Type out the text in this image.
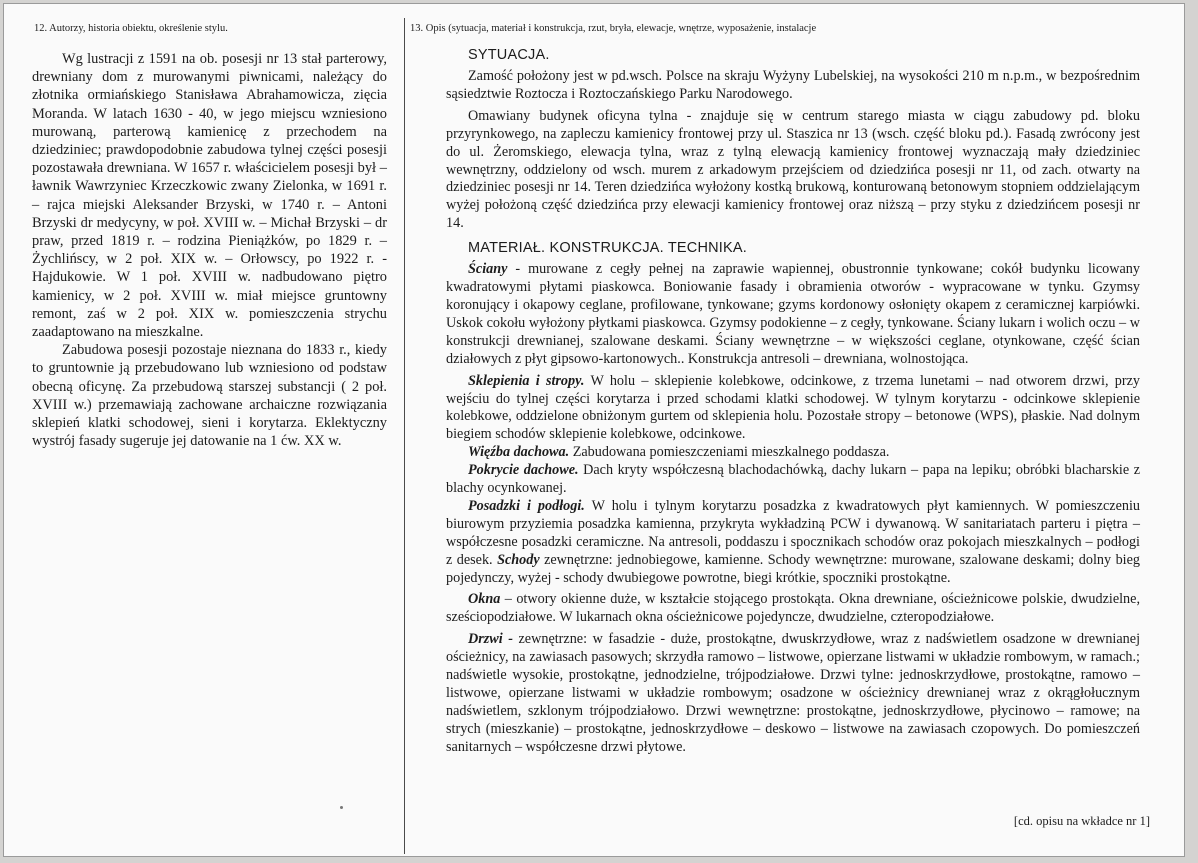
12. Autorzy, historia obiektu, określenie stylu.	13. Opis (sytuacja, materiał i konstrukcja, rzut, bryła, elewacje, wnętrze, wyposażenie, instalacje

Wg lustracji z 1591 na ob. posesji nr 13 stał parterowy, drewniany dom z murowanymi piwnicami, należący do złotnika ormiańskiego Stanisława Abrahamowicza, zięcia Moranda. W latach 1630 - 40, w jego miejscu wzniesiono murowaną, parterową kamienicę z przechodem na dziedziniec; prawdopodobnie zabudowa tylnej części posesji pozostawała drewniana. W 1657 r. właścicielem posesji był – ławnik Wawrzyniec Krzeczkowic zwany Zielonka, w 1691 r. – rajca miejski Aleksander Brzyski, w 1740 r. – Antoni Brzyski dr medycyny, w poł. XVIII w. – Michał Brzyski – dr praw, przed 1819 r. – rodzina Pieniążków, po 1829 r. – Żychlińscy, w 2 poł. XIX w. – Orłowscy, po 1922 r. - Hajdukowie. W 1 poł. XVIII w. nadbudowano piętro kamienicy, w 2 poł. XVIII w. miał miejsce gruntowny remont, zaś w 2 poł. XIX w. pomieszczenia strychu zaadaptowano na mieszkalne.

Zabudowa posesji pozostaje nieznana do 1833 r., kiedy to gruntownie ją przebudowano lub wzniesiono od podstaw obecną oficynę. Za przebudową starszej substancji ( 2 poł. XVIII w.) przemawiają zachowane archaiczne rozwiązania sklepień klatki schodowej, sieni i korytarza. Eklektyczny wystrój fasady sugeruje jej datowanie na 1 ćw. XX w.

SYTUACJA.

Zamość położony jest w pd.wsch. Polsce na skraju Wyżyny Lubelskiej, na wysokości 210 m n.p.m., w bezpośrednim sąsiedztwie Roztocza i Roztoczańskiego Parku Narodowego.

Omawiany budynek oficyna tylna - znajduje się w centrum starego miasta w ciągu zabudowy pd. bloku przyrynkowego, na zapleczu kamienicy frontowej przy ul. Staszica nr 13 (wsch. część bloku pd.). Fasadą zwrócony jest do ul. Żeromskiego, elewacja tylna, wraz z tylną elewacją kamienicy frontowej wyznaczają mały dziedziniec wewnętrzny, oddzielony od wsch. murem z arkadowym przejściem od dziedzińca posesji nr 11, od zach. otwarty na dziedziniec posesji nr 14. Teren dziedzińca wyłożony kostką brukową, konturowaną betonowym stopniem oddzielającym wyżej położoną część dziedzińca przy elewacji kamienicy frontowej oraz niższą – przy styku z dziedzińcem posesji nr 14.

MATERIAŁ. KONSTRUKCJA. TECHNIKA.

Ściany - murowane z cegły pełnej na zaprawie wapiennej, obustronnie tynkowane; cokół budynku licowany kwadratowymi płytami piaskowca. Boniowanie fasady i obramienia otworów - wypracowane w tynku. Gzymsy koronujący i okapowy ceglane, profilowane, tynkowane; gzyms kordonowy osłonięty okapem z ceramicznej karpiówki. Uskok cokołu wyłożony płytkami piaskowca. Gzymsy podokienne – z cegły, tynkowane. Ściany lukarn i wolich oczu – w konstrukcji drewnianej, szalowane deskami. Ściany wewnętrzne – w większości ceglane, otynkowane, część ścian działowych z płyt gipsowo-kartonowych.. Konstrukcja antresoli – drewniana, wolnostojąca.

Sklepienia i stropy. W holu – sklepienie kolebkowe, odcinkowe, z trzema lunetami – nad otworem drzwi, przy wejściu do tylnej części korytarza i przed schodami klatki schodowej. W tylnym korytarzu - odcinkowe sklepienie kolebkowe, oddzielone obniżonym gurtem od sklepienia holu. Pozostałe stropy – betonowe (WPS), płaskie. Nad dolnym biegiem schodów sklepienie kolebkowe, odcinkowe.

Więźba dachowa. Zabudowana pomieszczeniami mieszkalnego poddasza.

Pokrycie dachowe. Dach kryty współczesną blachodachówką, dachy lukarn – papa na lepiku; obróbki blacharskie z blachy ocynkowanej.

Posadzki i podłogi. W holu i tylnym korytarzu posadzka z kwadratowych płyt kamiennych. W pomieszczeniu biurowym przyziemia posadzka kamienna, przykryta wykładziną PCW i dywanową. W sanitariatach parteru i piętra – współczesne posadzki ceramiczne. Na antresoli, poddaszu i spocznikach schodów oraz pokojach mieszkalnych – podłogi z desek. Schody zewnętrzne: jednobiegowe, kamienne. Schody wewnętrzne: murowane, szalowane deskami; dolny bieg pojedynczy, wyżej - schody dwubiegowe powrotne, biegi krótkie, spoczniki prostokątne.

Okna – otwory okienne duże, w kształcie stojącego prostokąta. Okna drewniane, ościeżnicowe polskie, dwudzielne, sześciopodziałowe. W lukarnach okna ościeżnicowe pojedyncze, dwudzielne, czteropodziałowe.

Drzwi - zewnętrzne: w fasadzie - duże, prostokątne, dwuskrzydłowe, wraz z nadświetlem osadzone w drewnianej ościeżnicy, na zawiasach pasowych; skrzydła ramowo – listwowe, opierzane listwami w układzie rombowym, w ramach.; nadświetle wysokie, prostokątne, jednodzielne, trójpodziałowe. Drzwi tylne: jednoskrzydłowe, prostokątne, ramowo – listwowe, opierzane listwami w układzie rombowym; osadzone w ościeżnicy drewnianej wraz z okrągłołucznym nadświetlem, szklonym trójpodziałowo. Drzwi wewnętrzne: prostokątne, jednoskrzydłowe, płycinowo – ramowe; na strych (mieszkanie) – prostokątne, jednoskrzydłowe – deskowo – listwowe na zawiasach czopowych. Do pomieszczeń sanitarnych – współczesne drzwi płytowe.

[cd. opisu na wkładce nr 1]
